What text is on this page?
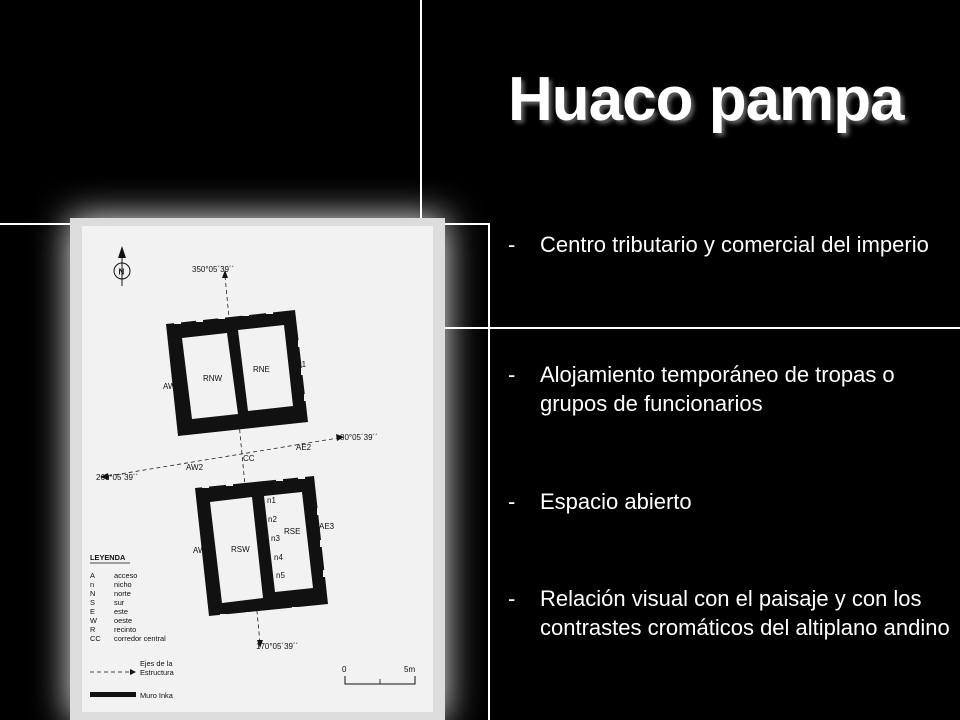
Huaco pampa
- Centro tributario y comercial del imperio
- Alojamiento temporáneo de tropas o grupos de funcionarios
- Espacio abierto
- Relación visual con el paisaje y con los contrastes cromáticos del altiplano andino
N	350°05´39´´
80°05´39´´
260°05´39´´
170°05´39´´
RNW
RNE
RSW
RSE
CC
AW1
AW2
AW3
AE1
AE2
AE3
n1
n2
n3
n4
n5
LEYENDA
A	acceso
n	nicho
N	norte
S	sur
E	este
W oeste
R	recinto
CC corredor central
Ejes de la
Estructura
Muro Inka
0	5m
